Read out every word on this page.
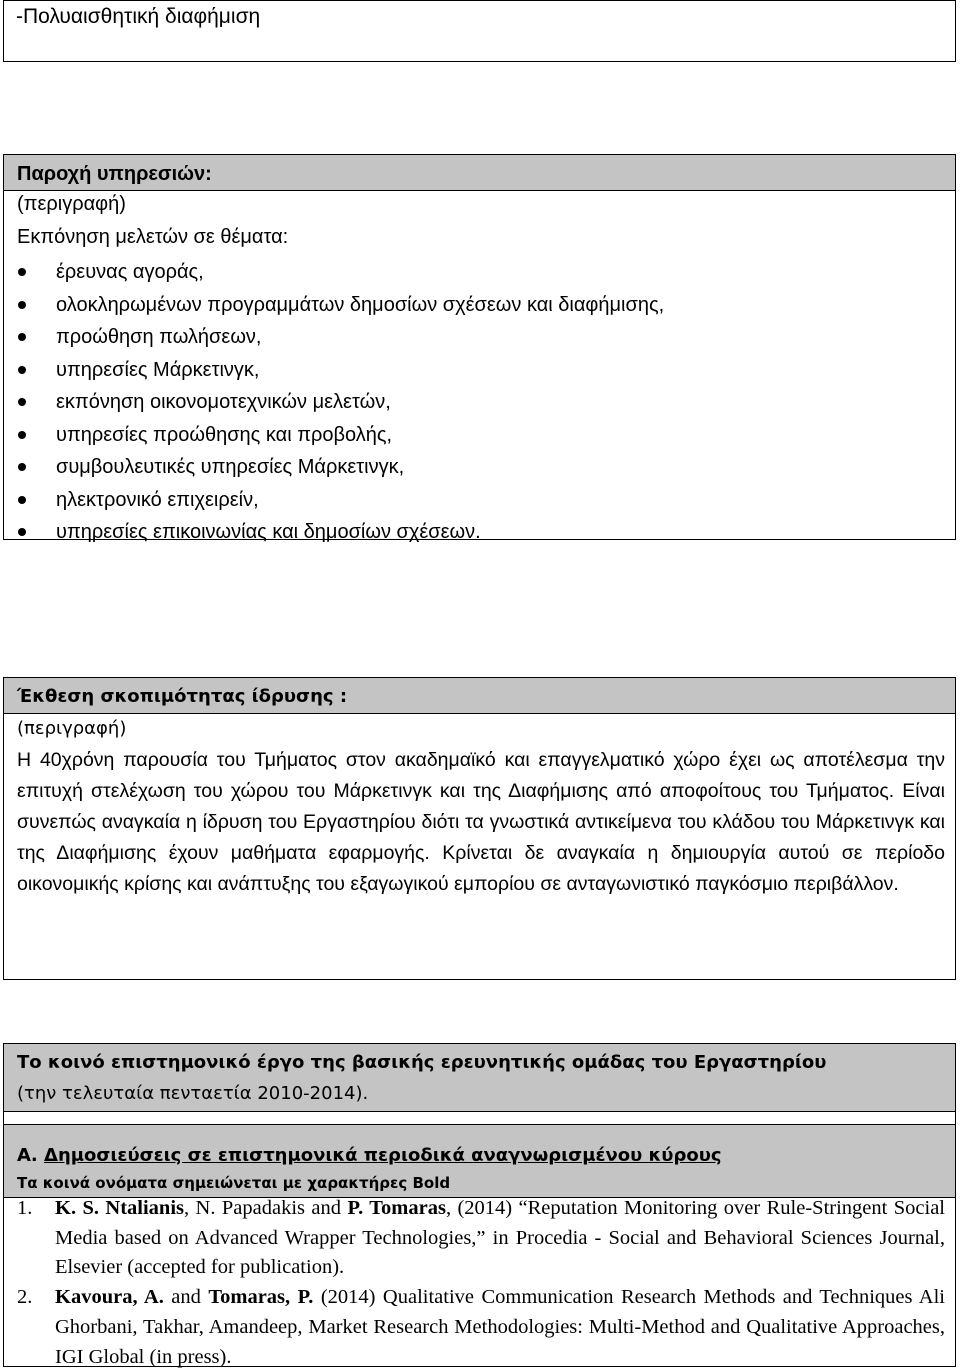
-Πολυαισθητική διαφήμιση
Παροχή υπηρεσιών:
(περιγραφή)
Εκπόνηση μελετών σε θέματα:
έρευνας αγοράς,
ολοκληρωμένων προγραμμάτων δημοσίων σχέσεων και διαφήμισης,
προώθηση πωλήσεων,
υπηρεσίες Μάρκετινγκ,
εκπόνηση οικονομοτεχνικών μελετών,
υπηρεσίες προώθησης και προβολής,
συμβουλευτικές υπηρεσίες Μάρκετινγκ,
ηλεκτρονικό επιχειρείν,
υπηρεσίες επικοινωνίας και δημοσίων σχέσεων.
Έκθεση σκοπιμότητας ίδρυσης :
(περιγραφή)
Η 40χρόνη παρουσία του Τμήματος στον ακαδημαϊκό και επαγγελματικό χώρο έχει ως αποτέλεσμα την επιτυχή στελέχωση του χώρου του Μάρκετινγκ και της Διαφήμισης από αποφοίτους του Τμήματος. Είναι συνεπώς αναγκαία η ίδρυση του Εργαστηρίου διότι τα γνωστικά αντικείμενα του κλάδου του Μάρκετινγκ και της Διαφήμισης έχουν μαθήματα εφαρμογής. Κρίνεται δε αναγκαία η δημιουργία αυτού σε περίοδο οικονομικής κρίσης και ανάπτυξης του εξαγωγικού εμπορίου σε ανταγωνιστικό παγκόσμιο περιβάλλον.
Το κοινό επιστημονικό έργο της βασικής ερευνητικής ομάδας του Εργαστηρίου
(την τελευταία πενταετία 2010-2014).
Α. Δημοσιεύσεις σε επιστημονικά περιοδικά αναγνωρισμένου κύρους
Τα κοινά ονόματα σημειώνεται με χαρακτήρες Bold
1. K. S. Ntalianis, N. Papadakis and P. Tomaras, (2014) “Reputation Monitoring over Rule-Stringent Social Media based on Advanced Wrapper Technologies,” in Procedia - Social and Behavioral Sciences Journal, Elsevier (accepted for publication).
2. Kavoura, A. and Tomaras, P. (2014) Qualitative Communication Research Methods and Techniques Ali Ghorbani, Takhar, Amandeep, Market Research Methodologies: Multi-Method and Qualitative Approaches, IGI Global (in press).
